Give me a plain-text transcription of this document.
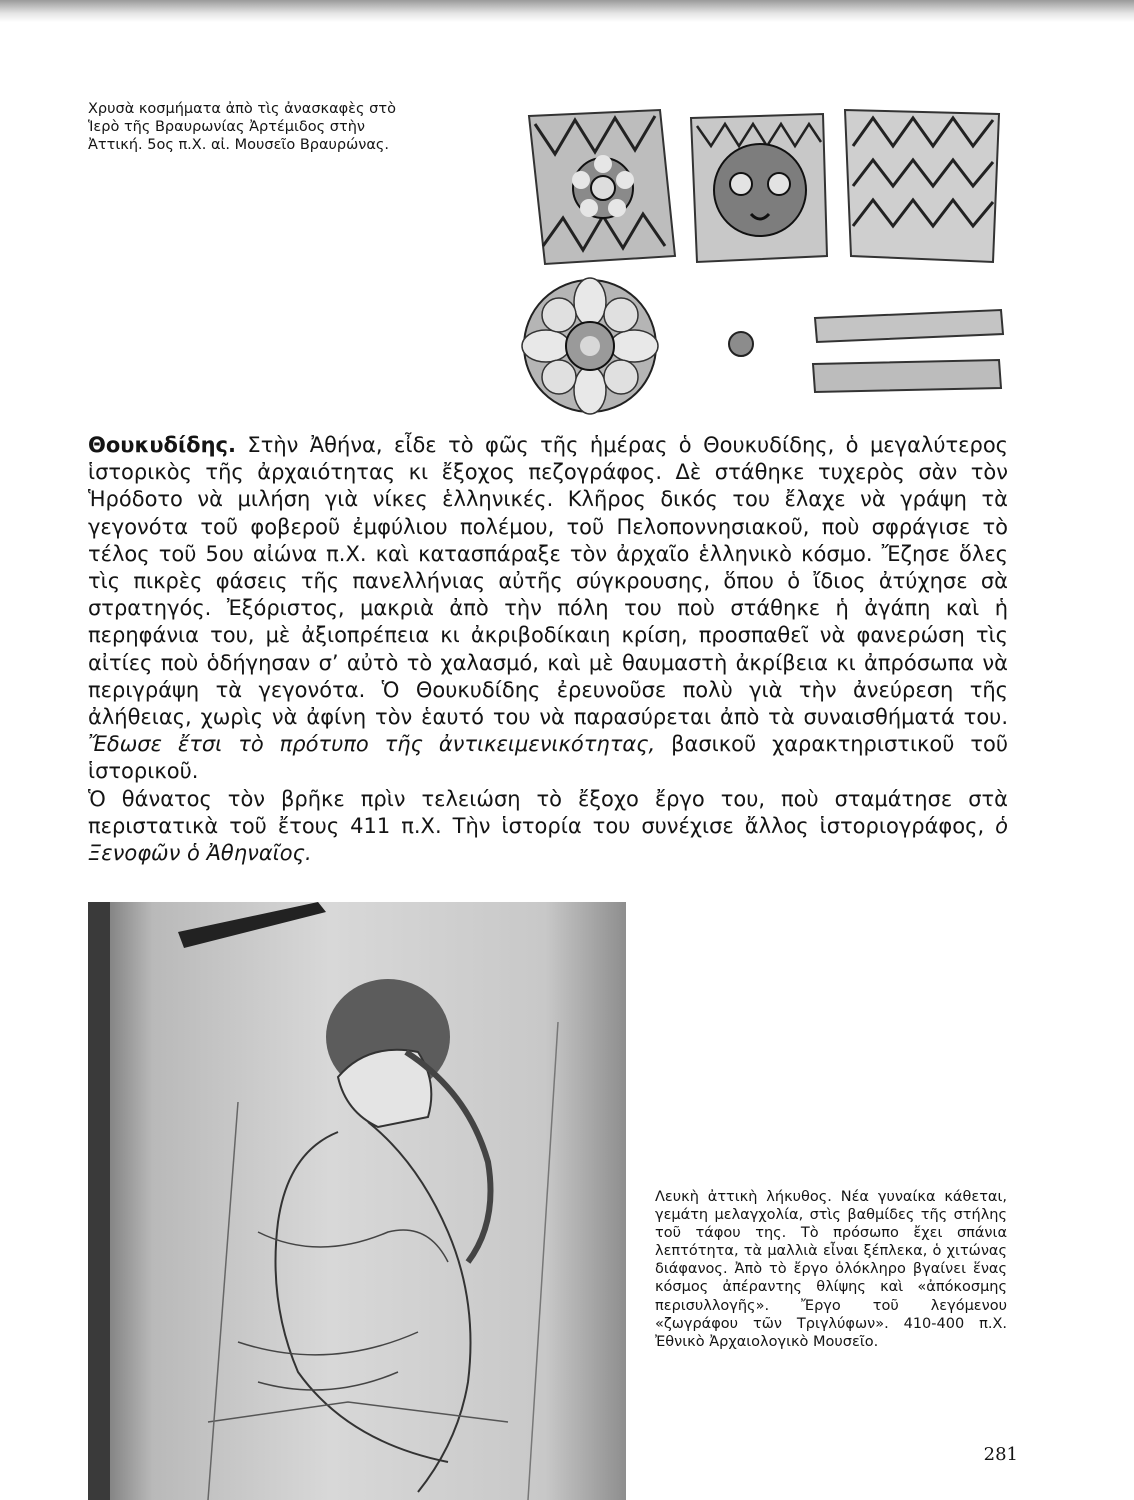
Χρυσὰ κοσμήματα ἀπὸ τὶς ἀνασκαφὲς στὸ Ἱερὸ τῆς Βραυρωνίας Ἀρτέμιδος στὴν Ἀττική. 5ος π.Χ. αἰ. Μουσεῖο Βραυρώνας.

Θουκυδίδης. Στὴν Ἀθήνα, εἶδε τὸ φῶς τῆς ἡμέρας ὁ Θουκυδίδης, ὁ μεγαλύτερος ἱστορικὸς τῆς ἀρχαιότητας κι ἔξοχος πεζογράφος. Δὲ στάθηκε τυχερὸς σὰν τὸν Ἡρόδοτο νὰ μιλήση γιὰ νίκες ἑλληνικές. Κλῆρος δικός του ἔλαχε νὰ γράψη τὰ γεγονότα τοῦ φοβεροῦ ἐμφύλιου πολέμου, τοῦ Πελοποννησιακοῦ, ποὺ σφράγισε τὸ τέλος τοῦ 5ου αἰώνα π.Χ. καὶ κατασπάραξε τὸν ἀρχαῖο ἑλληνικὸ κόσμο. Ἔζησε ὅλες τὶς πικρὲς φάσεις τῆς πανελλήνιας αὐτῆς σύγκρουσης, ὅπου ὁ ἴδιος ἀτύχησε σὰ στρατηγός. Ἐξόριστος, μακριὰ ἀπὸ τὴν πόλη του ποὺ στάθηκε ἡ ἀγάπη καὶ ἡ περηφάνια του, μὲ ἀξιοπρέπεια κι ἀκριβοδίκαιη κρίση, προσπαθεῖ νὰ φανερώση τὶς αἰτίες ποὺ ὁδήγησαν σ’ αὐτὸ τὸ χαλασμό, καὶ μὲ θαυμαστὴ ἀκρίβεια κι ἀπρόσωπα νὰ περιγράψη τὰ γεγονότα. Ὁ Θουκυδίδης ἐρευνοῦσε πολὺ γιὰ τὴν ἀνεύρεση τῆς ἀλήθειας, χωρὶς νὰ ἀφίνη τὸν ἑαυτό του νὰ παρασύρεται ἀπὸ τὰ συναισθήματά του. Ἔδωσε ἔτσι τὸ πρότυπο τῆς ἀντικειμενικότητας, βασικοῦ χαρακτηριστικοῦ τοῦ ἱστορικοῦ.

Ὁ θάνατος τὸν βρῆκε πρὶν τελειώση τὸ ἔξοχο ἔργο του, ποὺ σταμάτησε στὰ περιστατικὰ τοῦ ἔτους 411 π.Χ. Τὴν ἱστορία του συνέχισε ἄλλος ἱστοριογράφος, ὁ Ξενοφῶν ὁ Ἀθηναῖος.

Λευκὴ ἀττικὴ λήκυθος. Νέα γυναίκα κάθεται, γεμάτη μελαγχολία, στὶς βαθμίδες τῆς στήλης τοῦ τάφου της. Τὸ πρόσωπο ἔχει σπάνια λεπτότητα, τὰ μαλλιὰ εἶναι ξέπλεκα, ὁ χιτώνας διάφανος. Ἀπὸ τὸ ἔργο ὁλόκληρο βγαίνει ἕνας κόσμος ἀπέραντης θλίψης καὶ «ἀπόκοσμης περισυλλογῆς». Ἔργο τοῦ λεγόμενου «ζωγράφου τῶν Τριγλύφων». 410-400 π.Χ. Ἐθνικὸ Ἀρχαιολογικὸ Μουσεῖο.

281
